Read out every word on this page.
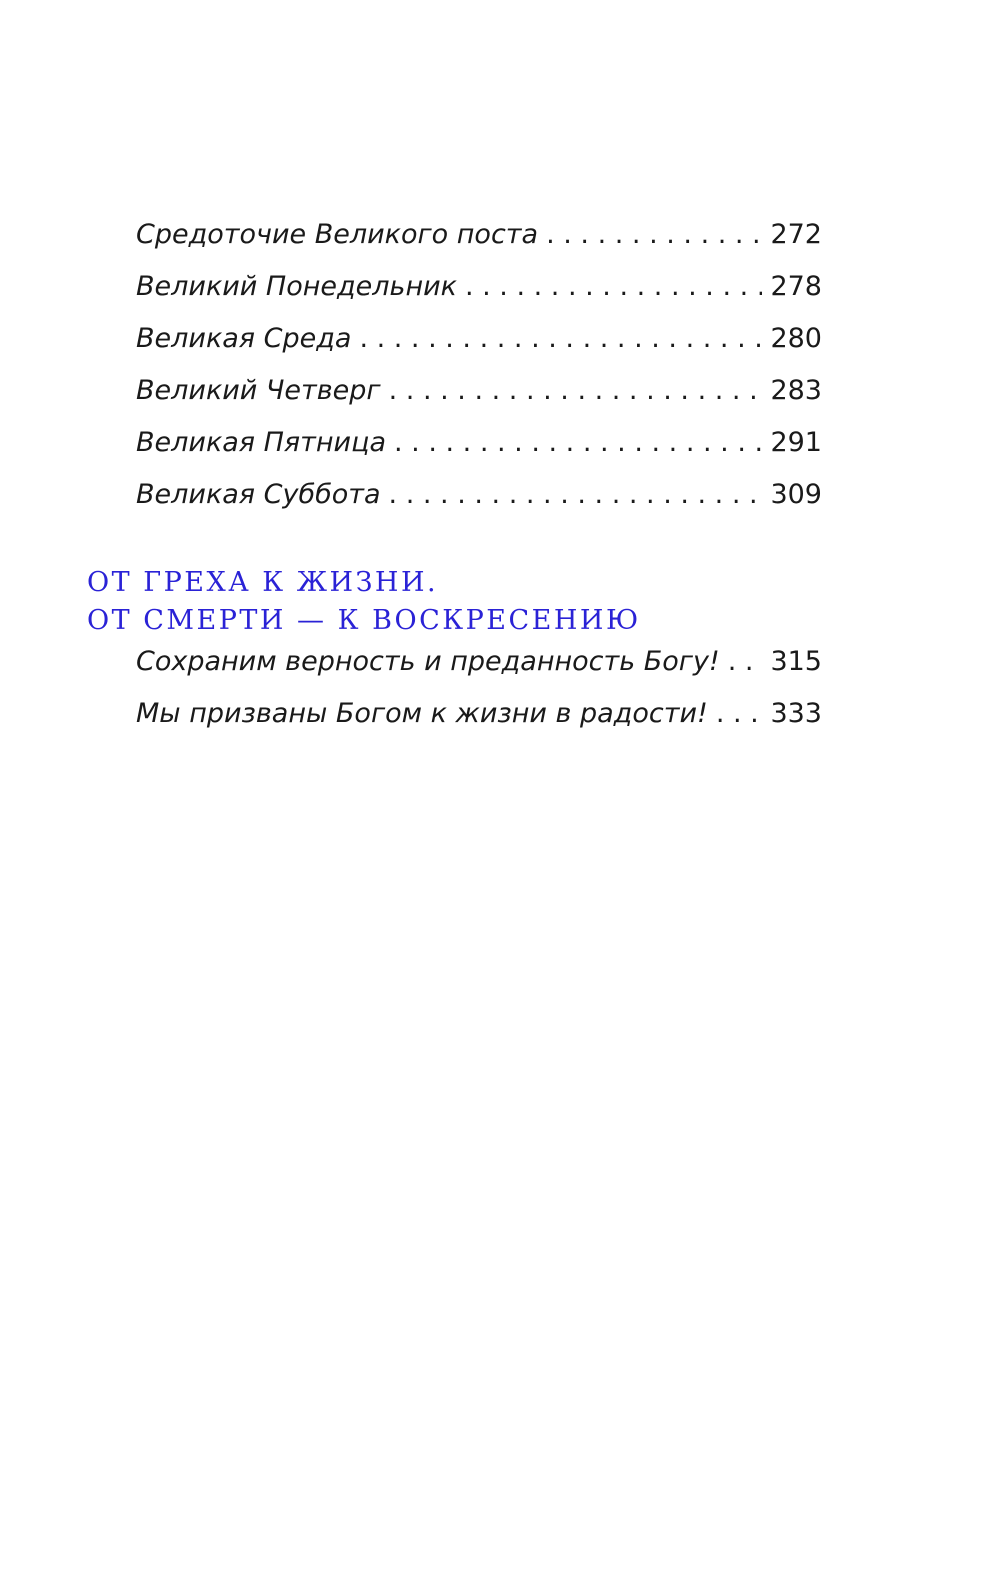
Средоточие Великого поста . . .	272
Великий Понедельник . . .	278
Великая Среда . . .	280
Великий Четверг . . .	283
Великая Пятница . . .	291
Великая Суббота . . .	309
ОТ ГРЕХА К ЖИЗНИ.
ОТ СМЕРТИ — К ВОСКРЕСЕНИЮ
Сохраним верность и преданность Богу! . . . 315
Мы призваны Богом к жизни в радости! . . . 333
